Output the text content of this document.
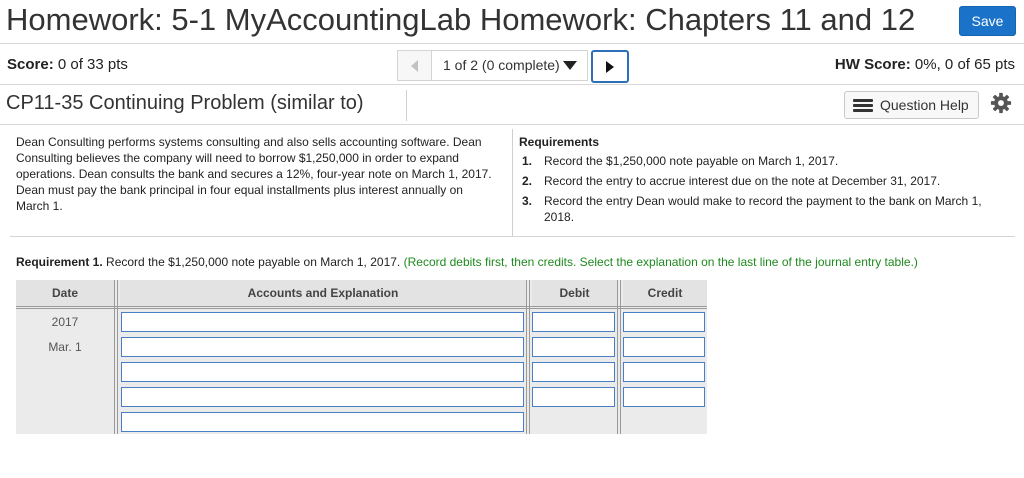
Homework: 5-1 MyAccountingLab Homework: Chapters 11 and 12	Save
Score: 0 of 33 pts	1 of 2 (0 complete)	HW Score: 0%, 0 of 65 pts
CP11-35 Continuing Problem (similar to)	Question Help
Dean Consulting performs systems consulting and also sells accounting software. Dean Consulting believes the company will need to borrow $1,250,000 in order to expand operations. Dean consults the bank and secures a 12%, four-year note on March 1, 2017. Dean must pay the bank principal in four equal installments plus interest annually on March 1.
Requirements
1. Record the $1,250,000 note payable on March 1, 2017.
2. Record the entry to accrue interest due on the note at December 31, 2017.
3. Record the entry Dean would make to record the payment to the bank on March 1, 2018.
Requirement 1. Record the $1,250,000 note payable on March 1, 2017. (Record debits first, then credits. Select the explanation on the last line of the journal entry table.)
Date	Accounts and Explanation	Debit	Credit
2017
Mar. 1
